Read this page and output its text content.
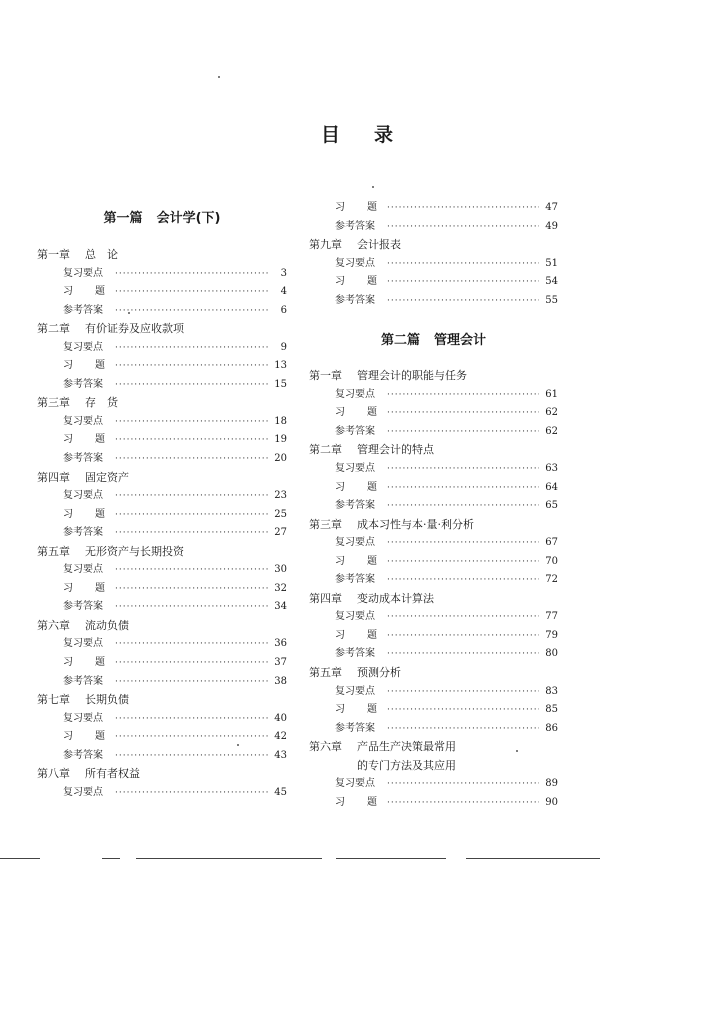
目 录
第一篇 会计学(下)
第一章	总　论
复习要点 ·····	3
习 题 ·····	4
参考答案 ·····	6
第二章	有价证券及应收款项
复习要点 ·····	9
习 题 ·····	13
参考答案 ·····	15
第三章	存　货
复习要点 ·····	18
习 题 ·····	19
参考答案 ·····	20
第四章	固定资产
复习要点 ·····	23
习 题 ·····	25
参考答案 ·····	27
第五章	无形资产与长期投资
复习要点 ·····	30
习 题 ·····	32
参考答案 ·····	34
第六章	流动负债
复习要点 ·····	36
习 题 ·····	37
参考答案 ·····	38
第七章	长期负债
复习要点 ·····	40
习 题 ·····	42
参考答案 ·····	43
第八章	所有者权益
复习要点 ·····	45
习 题 ·····	47
参考答案 ·····	49
第九章	会计报表
复习要点 ·····	51
习 题 ·····	54
参考答案 ·····	55
第二篇 管理会计
第一章	管理会计的职能与任务
复习要点 ·····	61
习 题 ·····	62
参考答案 ·····	62
第二章	管理会计的特点
复习要点 ·····	63
习 题 ·····	64
参考答案 ·····	65
第三章	成本习性与本·量·利分析
复习要点 ·····	67
习 题 ·····	70
参考答案 ·····	72
第四章	变动成本计算法
复习要点 ·····	77
习 题 ·····	79
参考答案 ·····	80
第五章	预测分析
复习要点 ·····	83
习 题 ·····	85
参考答案 ·····	86
第六章	产品生产决策最常用
的专门方法及其应用
复习要点 ·····	89
习 题 ·····	90
